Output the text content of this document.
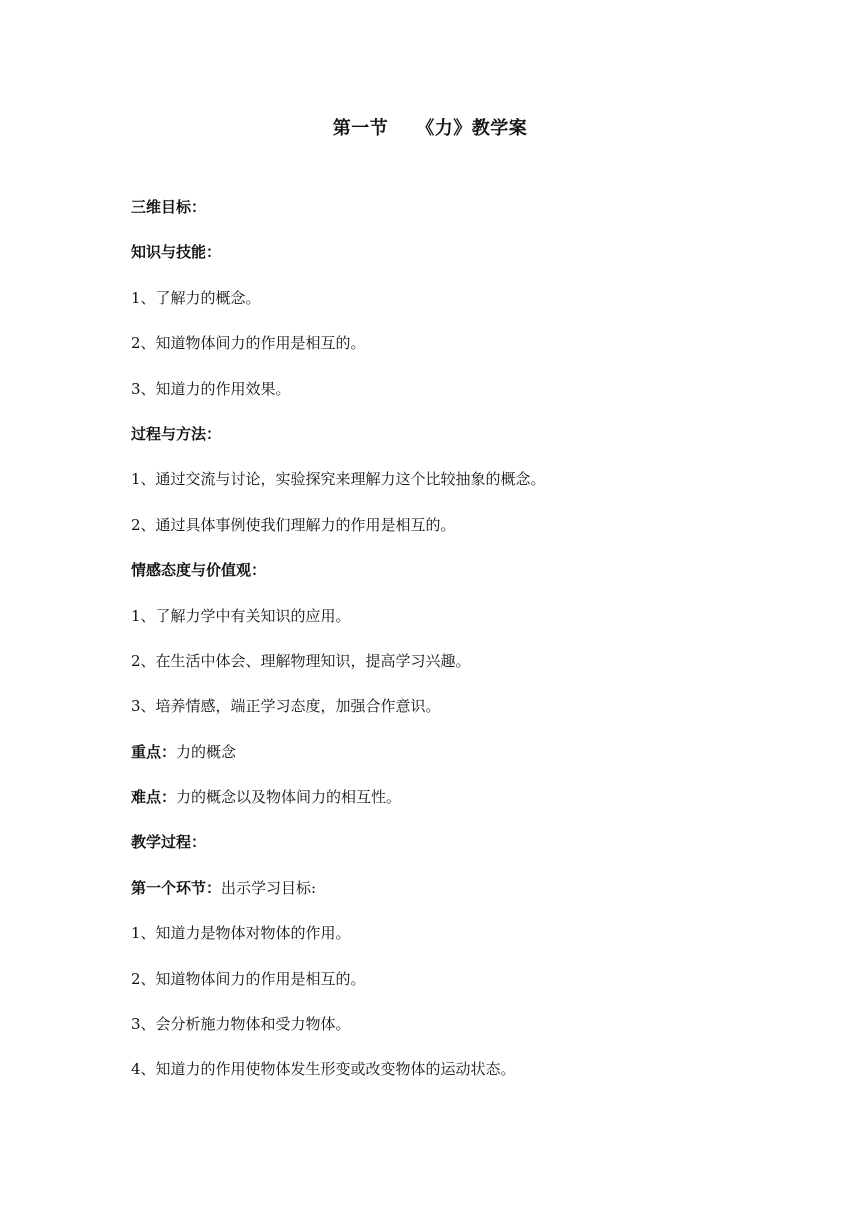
第一节　　《力》教学案
三维目标：
知识与技能：
1、了解力的概念。
2、知道物体间力的作用是相互的。
3、知道力的作用效果。
过程与方法：
1、通过交流与讨论，实验探究来理解力这个比较抽象的概念。
2、通过具体事例使我们理解力的作用是相互的。
情感态度与价值观：
1、了解力学中有关知识的应用。
2、在生活中体会、理解物理知识，提高学习兴趣。
3、培养情感，端正学习态度，加强合作意识。
重点：力的概念
难点：力的概念以及物体间力的相互性。
教学过程：
第一个环节：出示学习目标:
1、知道力是物体对物体的作用。
2、知道物体间力的作用是相互的。
3、会分析施力物体和受力物体。
4、知道力的作用使物体发生形变或改变物体的运动状态。
